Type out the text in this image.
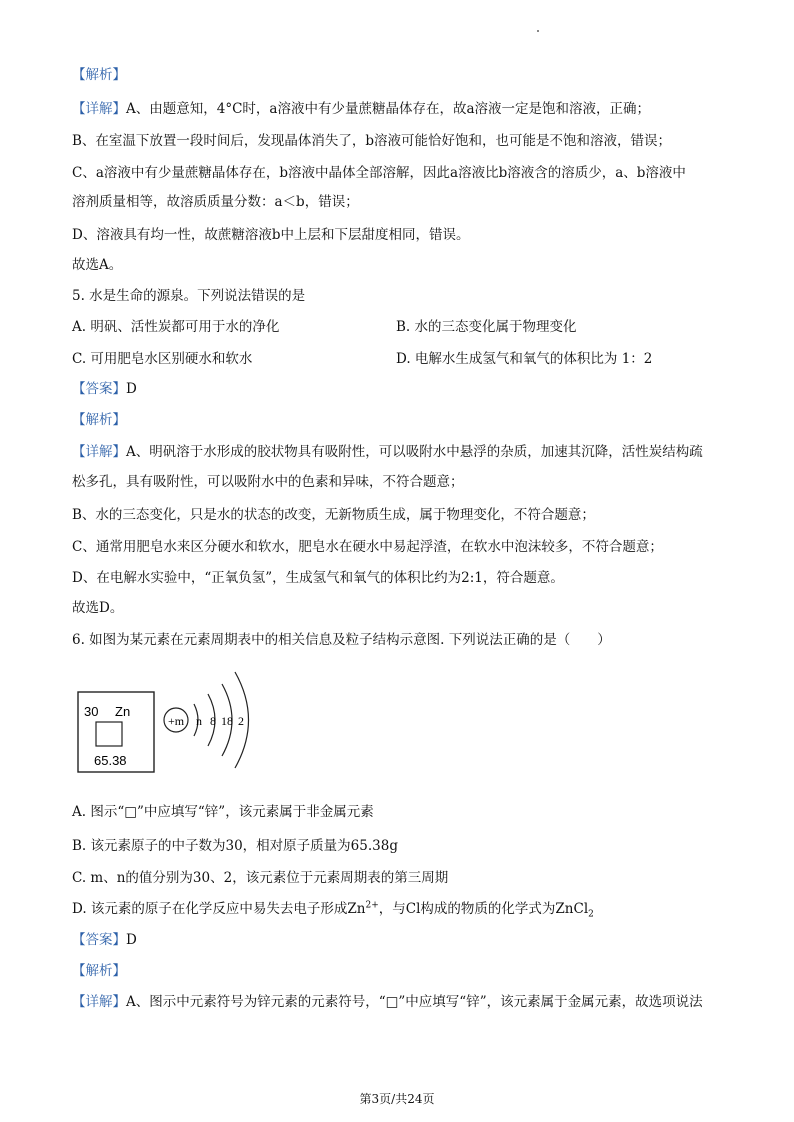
【解析】
【详解】A、由题意知，4°C时，a溶液中有少量蔗糖晶体存在，故a溶液一定是饱和溶液，正确；
B、在室温下放置一段时间后，发现晶体消失了，b溶液可能恰好饱和，也可能是不饱和溶液，错误；
C、a溶液中有少量蔗糖晶体存在，b溶液中晶体全部溶解，因此a溶液比b溶液含的溶质少，a、b溶液中
溶剂质量相等，故溶质质量分数：a＜b，错误；
D、溶液具有均一性，故蔗糖溶液b中上层和下层甜度相同，错误。
故选A。
5. 水是生命的源泉。下列说法错误的是
A. 明矾、活性炭都可用于水的净化	B. 水的三态变化属于物理变化
C. 可用肥皂水区别硬水和软水	D. 电解水生成氢气和氧气的体积比为 1：2
【答案】D
【解析】
【详解】A、明矾溶于水形成的胶状物具有吸附性，可以吸附水中悬浮的杂质，加速其沉降，活性炭结构疏
松多孔，具有吸附性，可以吸附水中的色素和异味，不符合题意；
B、水的三态变化，只是水的状态的改变，无新物质生成，属于物理变化，不符合题意；
C、通常用肥皂水来区分硬水和软水，肥皂水在硬水中易起浮渣，在软水中泡沫较多，不符合题意；
D、在电解水实验中，“正氧负氢”，生成氢气和氧气的体积比约为2:1，符合题意。
故选D。
6. 如图为某元素在元素周期表中的相关信息及粒子结构示意图. 下列说法正确的是（　　）
30 Zn
65.38
+m n 8 18 2
A. 图示“□”中应填写“锌”，该元素属于非金属元素
B. 该元素原子的中子数为30，相对原子质量为65.38g
C. m、n的值分别为30、2，该元素位于元素周期表的第三周期
D. 该元素的原子在化学反应中易失去电子形成$Zn^{2+}$，与Cl构成的物质的化学式为ZnCl$_2$
【答案】D
【解析】
【详解】A、图示中元素符号为锌元素的元素符号，“□”中应填写“锌”，该元素属于金属元素，故选项说法
第3页/共24页
